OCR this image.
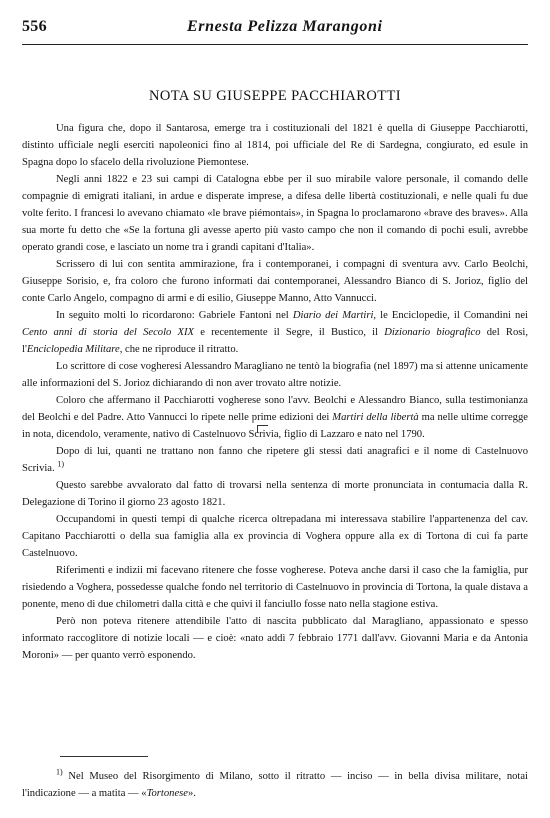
556	Ernesta Pelizza Marangoni
NOTA SU GIUSEPPE PACCHIAROTTI

Una figura che, dopo il Santarosa, emerge tra i costituzionali del 1821 è quella di Giuseppe Pacchiarotti, distinto ufficiale negli eserciti napoleonici fino al 1814, poi ufficiale del Re di Sardegna, congiurato, ed esule in Spagna dopo lo sfacelo della rivoluzione Piemontese.

Negli anni 1822 e 23 sui campi di Catalogna ebbe per il suo mirabile valore personale, il comando delle compagnie di emigrati italiani, in ardue e disperate imprese, a difesa delle libertà costituzionali, e nelle quali fu due volte ferito. I francesi lo avevano chiamato «le brave piémontais», in Spagna lo proclamarono «brave des braves». Alla sua morte fu detto che «Se la fortuna gli avesse aperto più vasto campo che non il comando di pochi esuli, avrebbe operato grandi cose, e lasciato un nome tra i grandi capitani d'Italia».

Scrissero di lui con sentita ammirazione, fra i contemporanei, i compagni di sventura avv. Carlo Beolchi, Giuseppe Sorisio, e, fra coloro che furono informati dai contemporanei, Alessandro Bianco di S. Jorioz, figlio del conte Carlo Angelo, compagno di armi e di esilio, Giuseppe Manno, Atto Vannucci.

In seguito molti lo ricordarono: Gabriele Fantoni nel Diario dei Martiri, le Enciclopedie, il Comandini nei Cento anni di storia del Secolo XIX e recentemente il Segre, il Bustico, il Dizionario biografico del Rosi, l'Enciclopedia Militare, che ne riproduce il ritratto.

Lo scrittore di cose vogheresi Alessandro Maragliano ne tentò la biografia (nel 1897) ma si attenne unicamente alle informazioni del S. Jorioz dichiarando di non aver trovato altre notizie.

Coloro che affermano il Pacchiarotti vogherese sono l'avv. Beolchi e Alessandro Bianco, sulla testimonianza del Beolchi e del Padre. Atto Vannucci lo ripete nelle prime edizioni dei Martiri della libertà ma nelle ultime corregge in nota, dicendolo, veramente, nativo di Castelnuovo Scrivia, figlio di Lazzaro e nato nel 1790.

Dopo di lui, quanti ne trattano non fanno che ripetere gli stessi dati anagrafici e il nome di Castelnuovo Scrivia. $^{1)}$

Questo sarebbe avvalorato dal fatto di trovarsi nella sentenza di morte pronunciata in contumacia dalla R. Delegazione di Torino il giorno 23 agosto 1821.

Occupandomi in questi tempi di qualche ricerca oltrepadana mi interessava stabilire l'appartenenza del cav. Capitano Pacchiarotti o della sua famiglia alla ex provincia di Voghera oppure alla ex di Tortona di cui fa parte Castelnuovo.

Riferimenti e indizii mi facevano ritenere che fosse vogherese. Poteva anche darsi il caso che la famiglia, pur risiedendo a Voghera, possedesse qualche fondo nel territorio di Castelnuovo in provincia di Tortona, la quale distava a ponente, meno di due chilometri dalla città e che quivi il fanciullo fosse nato nella stagione estiva.

Però non poteva ritenere attendibile l'atto di nascita pubblicato dal Maragliano, appassionato e spesso informato raccoglitore di notizie locali — e cioè: «nato addì 7 febbraio 1771 dall'avv. Giovanni Maria e da Antonia Moroni» — per quanto verrò esponendo.

$^{1)}$ Nel Museo del Risorgimento di Milano, sotto il ritratto — inciso — in bella divisa militare, notai l'indicazione — a matita — «Tortonese».
